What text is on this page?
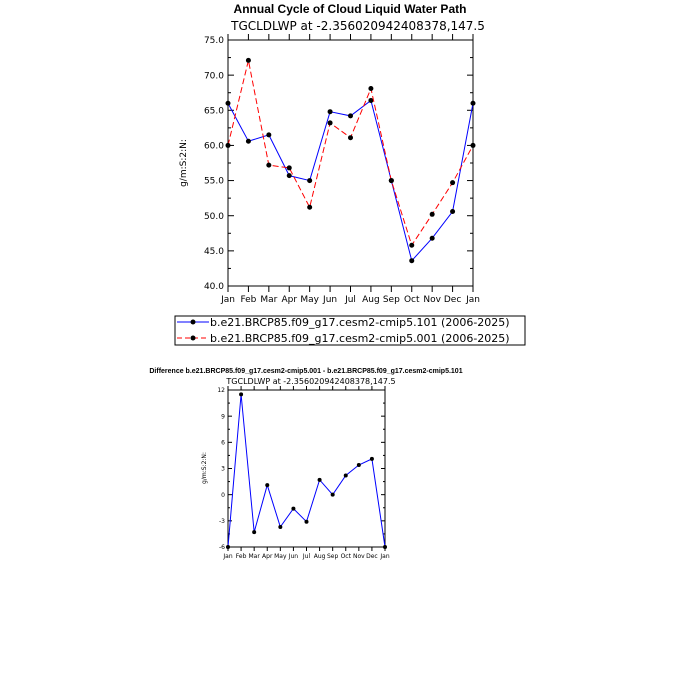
Annual Cycle of Cloud Liquid Water Path
TGCLDLWP at -2.356020942408378,147.5
g/m:S:2:N:
40.0
45.0
50.0
55.0
60.0
65.0
70.0
75.0
Jan Feb Mar Apr May Jun Jul Aug Sep Oct Nov Dec Jan
b.e21.BRCP85.f09_g17.cesm2-cmip5.101 (2006-2025)
b.e21.BRCP85.f09_g17.cesm2-cmip5.001 (2006-2025)
Difference b.e21.BRCP85.f09_g17.cesm2-cmip5.001 - b.e21.BRCP85.f09_g17.cesm2-cmip5.101
TGCLDLWP at -2.356020942408378,147.5
g/m:S:2:N:
-6
-3
0
3
6
9
12
Jan Feb Mar Apr May Jun Jul Aug Sep Oct Nov Dec Jan
